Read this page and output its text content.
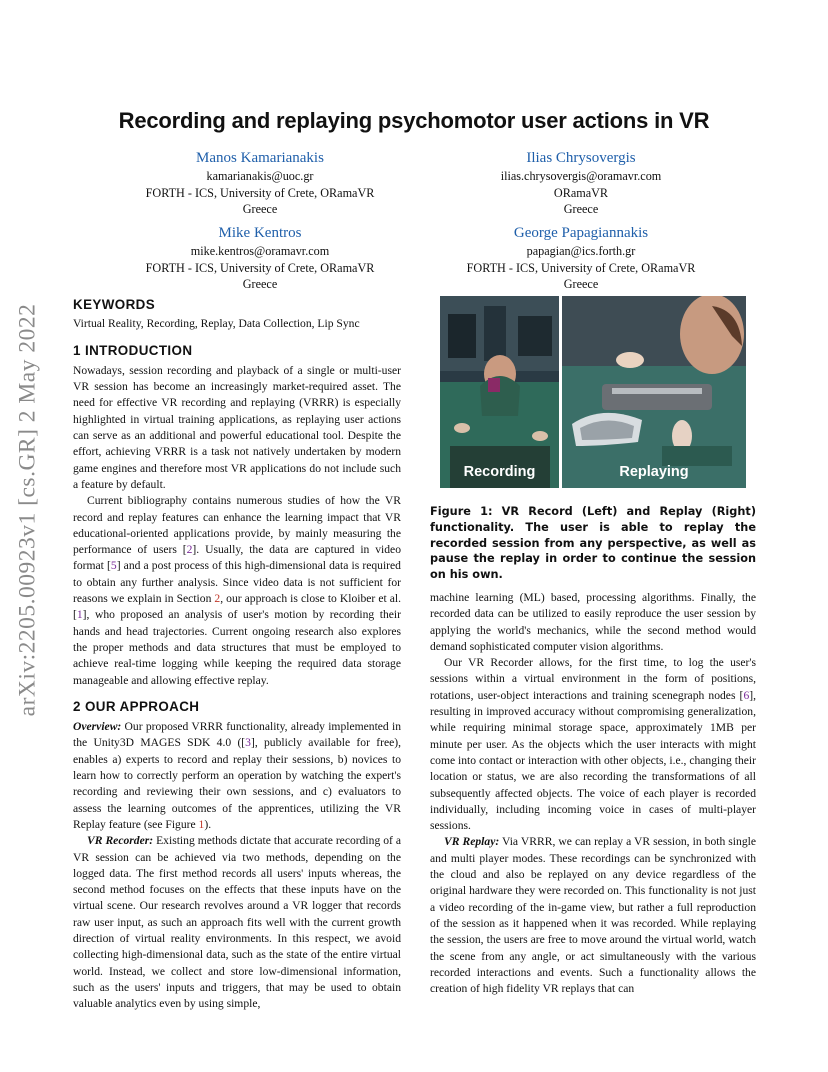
arXiv:2205.00923v1 [cs.GR] 2 May 2022
Recording and replaying psychomotor user actions in VR
Manos Kamarianakis
kamarianakis@uoc.gr
FORTH - ICS, University of Crete, ORamaVR
Greece
Ilias Chrysovergis
ilias.chrysovergis@oramavr.com
ORamaVR
Greece
Mike Kentros
mike.kentros@oramavr.com
FORTH - ICS, University of Crete, ORamaVR
Greece
George Papagiannakis
papagian@ics.forth.gr
FORTH - ICS, University of Crete, ORamaVR
Greece
KEYWORDS

Virtual Reality, Recording, Replay, Data Collection, Lip Sync

1 INTRODUCTION

Nowadays, session recording and playback of a single or multi-user VR session has become an increasingly market-required asset. The need for effective VR recording and replaying (VRRR) is especially highlighted in virtual training applications, as replaying user actions can serve as an additional and powerful educational tool. Despite the effort, achieving VRRR is a task not natively undertaken by modern game engines and therefore most VR applications do not include such a feature by default.

Current bibliography contains numerous studies of how the VR record and replay features can enhance the learning impact that VR educational-oriented applications provide, by mainly measuring the performance of users [2]. Usually, the data are captured in video format [5] and a post process of this high-dimensional data is required to obtain any further analysis. Since video data is not sufficient for reasons we explain in Section 2, our approach is close to Kloiber et al. [1], who proposed an analysis of user's motion by recording their hands and head trajectories. Current ongoing research also explores the proper methods and data structures that must be employed to achieve real-time logging while keeping the required data storage manageable and allowing effective replay.

2 OUR APPROACH

Overview: Our proposed VRRR functionality, already implemented in the Unity3D MAGES SDK 4.0 ([3], publicly available for free), enables a) experts to record and replay their sessions, b) novices to learn how to correctly perform an operation by watching the expert's recording and reviewing their own sessions, and c) evaluators to assess the learning outcomes of the apprentices, utilizing the VR Replay feature (see Figure 1).

VR Recorder: Existing methods dictate that accurate recording of a VR session can be achieved via two methods, depending on the logged data. The first method records all users' inputs whereas, the second method focuses on the effects that these inputs have on the virtual scene. Our research revolves around a VR logger that records raw user input, as such an approach fits well with the current growth direction of virtual reality environments. In this respect, we avoid collecting high-dimensional data, such as the state of the entire virtual world. Instead, we collect and store low-dimensional information, such as the users' inputs and triggers, that may be used to obtain valuable analytics even by using simple,

Recording	Replaying
Figure 1: VR Record (Left) and Replay (Right) functionality. The user is able to replay the recorded session from any perspective, as well as pause the replay in order to continue the session on his own.

machine learning (ML) based, processing algorithms. Finally, the recorded data can be utilized to easily reproduce the user session by applying the world's mechanics, while the second method would demand sophisticated computer vision algorithms.

Our VR Recorder allows, for the first time, to log the user's sessions within a virtual environment in the form of positions, rotations, user-object interactions and training scenegraph nodes [6], resulting in improved accuracy without compromising generalization, while requiring minimal storage space, approximately 1MB per minute per user. As the objects which the user interacts with might come into contact or interaction with other objects, i.e., changing their location or status, we are also recording the transformations of all subsequently affected objects. The voice of each player is recorded individually, including incoming voice in cases of multi-player sessions.

VR Replay: Via VRRR, we can replay a VR session, in both single and multi player modes. These recordings can be synchronized with the cloud and also be replayed on any device regardless of the original hardware they were recorded on. This functionality is not just a video recording of the in-game view, but rather a full reproduction of the session as it happened when it was recorded. While replaying the session, the users are free to move around the virtual world, watch the scene from any angle, or act simultaneously with the various recorded interactions and events. Such a functionality allows the creation of high fidelity VR replays that can
